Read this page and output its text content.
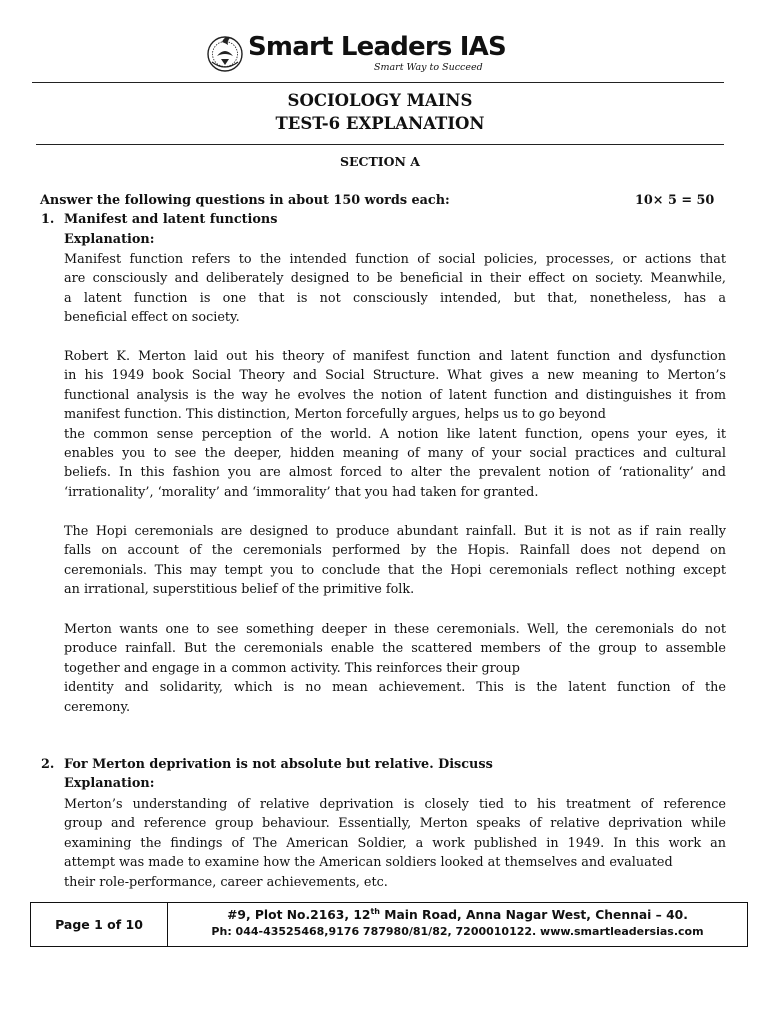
Smart Leaders IAS
Smart Way to Succeed
SOCIOLOGY MAINS
TEST-6 EXPLANATION
SECTION A
Answer the following questions in about 150 words each:	10× 5 = 50
1. Manifest and latent functions
Explanation:
Manifest function refers to the intended function of social policies, processes, or actions that
are consciously and deliberately designed to be beneficial in their effect on society. Meanwhile,
a latent function is one that is not consciously intended, but that, nonetheless, has a
beneficial effect on society.
Robert K. Merton laid out his theory of manifest function and latent function and dysfunction
in his 1949 book Social Theory and Social Structure. What gives a new meaning to Merton’s
functional analysis is the way he evolves the notion of latent function and distinguishes it from
manifest function. This distinction, Merton forcefully argues, helps us to go beyond
the common sense perception of the world. A notion like latent function, opens your eyes, it
enables you to see the deeper, hidden meaning of many of your social practices and cultural
beliefs. In this fashion you are almost forced to alter the prevalent notion of ‘rationality’ and
‘irrationality’, ‘morality’ and ‘immorality’ that you had taken for granted.
The Hopi ceremonials are designed to produce abundant rainfall. But it is not as if rain really
falls on account of the ceremonials performed by the Hopis. Rainfall does not depend on
ceremonials. This may tempt you to conclude that the Hopi ceremonials reflect nothing except
an irrational, superstitious belief of the primitive folk.
Merton wants one to see something deeper in these ceremonials. Well, the ceremonials do not
produce rainfall. But the ceremonials enable the scattered members of the group to assemble
together and engage in a common activity. This reinforces their group
identity and solidarity, which is no mean achievement. This is the latent function of the
ceremony.
2. For Merton deprivation is not absolute but relative. Discuss
Explanation:
Merton’s understanding of relative deprivation is closely tied to his treatment of reference
group and reference group behaviour. Essentially, Merton speaks of relative deprivation while
examining the findings of The American Soldier, a work published in 1949. In this work an
attempt was made to examine how the American soldiers looked at themselves and evaluated
their role-performance, career achievements, etc.
Page 1 of 10
#9, Plot No.2163, 12th Main Road, Anna Nagar West, Chennai – 40.
Ph: 044-43525468,9176 787980/81/82, 7200010122. www.smartleadersias.com
